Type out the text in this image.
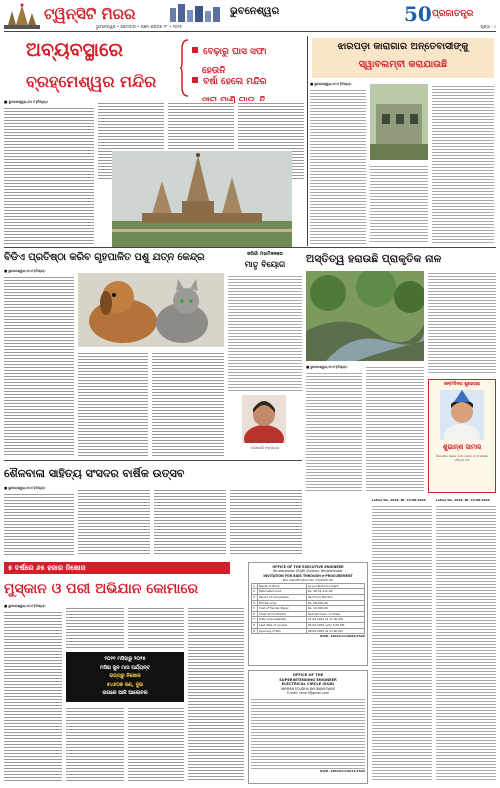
ଟ୍ୱିନ୍‌ସିଟି ମିରର	ଭୁବନେଶ୍ୱର
ଭୁବନେଶ୍ୱର • ସୋମବାର • ପଞ୍ଚମ ଶ୍ରାବଣ ୧୮ • ୨୦୨୫
50 ପ୍ରଜାତନ୍ତ୍ର
ପୃଷ୍ଠା - ୯
ଅବ୍ୟବସ୍ଥାରେ
ବ୍ରହ୍ମେଶ୍ୱର ମନ୍ଦିର
ବେଢ଼ାରୁ ଘାସ ସଫା
ହେଉନି
ବର୍ଷା ହେଲେ ମନ୍ଦିର

■ ଭୁବନେଶ୍ୱର,୧୦।୮(ନିପ୍ର):
ଝାରପଡ଼ା କାରାଗାର ଅନ୍ତେବାସୀଙ୍କୁ
ସ୍ୱାବଲମ୍ବୀ କରାଯାଉଛି
■ ଭୁବନେଶ୍ୱର,୧୦।୮(ନିପ୍ର):
ବିଡିଏ ପ୍ରତିଷ୍ଠା କରିବ ଗୃହପାଳିତ ପଶୁ ଯତ୍ନ କେନ୍ଦ୍ର
■ ଭୁବନେଶ୍ୱର,୧୦।୮(ନିପ୍ର):
ଜରିଗାଁ ମହାମିଳନରେ
ମାତୃ ବିୟୋଗ
ବୀଣାପାଣି ମହାପାତ୍ର
ଅସ୍ତିତ୍ୱ ହରାଉଛି ପ୍ରାକୃତିକ ନାଳ
■ ଭୁବନେଶ୍ୱର,୧୦।୮(ନିପ୍ର):
ଜନ୍ମଦିନର ଶୁଭେଚ୍ଛା
ଶୁଭାନ୍ଶ ସାମଲ
ପିତା-ମାତା, ଜେଜେ ବାପା, ଜେଜେ ମା ଓ ସମସ୍ତ ପରିବାର ବର୍ଗ
ଶୈଳବାଳା ସାହିତ୍ୟ ସଂସଦର ବାର୍ଷିକ ଉତ୍ସବ
■ ଭୁବନେଶ୍ୱର,୧୦।୮(ନିପ୍ର):
୫ ବର୍ଷରେ ୬୫ ହଜାର ନିଖୋଜ
ମୁସ୍କାନ ଓ ପରୀ ଅଭିଯାନ କୋମାରେ
■ ଭୁବନେଶ୍ୱର,୧୦।୮(ନିପ୍ର):
୨୦୨୧ ମସିହାରୁ ୨୦୨୫
ମସିହା ଜୁନ ମାସ ପର୍ଯ୍ୟନ୍ତ
ରାଜ୍ୟରୁ ନିଖୋଜ
୫୪୬୦୭ ଜଣ, ଦୁଇ
ଉପରେ ଆଜି ଆଲୋଚନା
OFFICE OF THE EXECUTIVE ENGINEER
Bhubaneswar (R&B) Division, Bhubaneswar
INVITATION FOR BIDS THROUGH e-PROCUREMENT
Bid Identification No. 07/2025-26
1	Name of Work	As per Bid Document
2	Estimated Cost	Rs. 48,34,112.00
3	Period of Completion	04 (Four) Months
4	Bid Security	Rs. 48,400.00
5	Cost of Tender Paper	Rs. 10,000.00
6	Class of Contractor	Special Class / A Class
7	Date of availability	21.08.2025 at 11.00 AM
8	Last date of receipt	05.09.2025 upto 5.00 PM
9	Opening of Bid	08.09.2025 at 11.00 AM
OIPR- 29041/11/0006/2526
OFFICE OF THE
SUPERINTENDING ENGINEER
ELECTRICAL CIRCLE (R&B)
NIRMAN SOUDHA BHUBANESWAR
E-mail: sene.r@gmail.com
OIPR- 29040/11/0011/2526
Letter No. 1919, Dt. 15.08.2025	Letter No. 1918, Dt. 15.08.2025
